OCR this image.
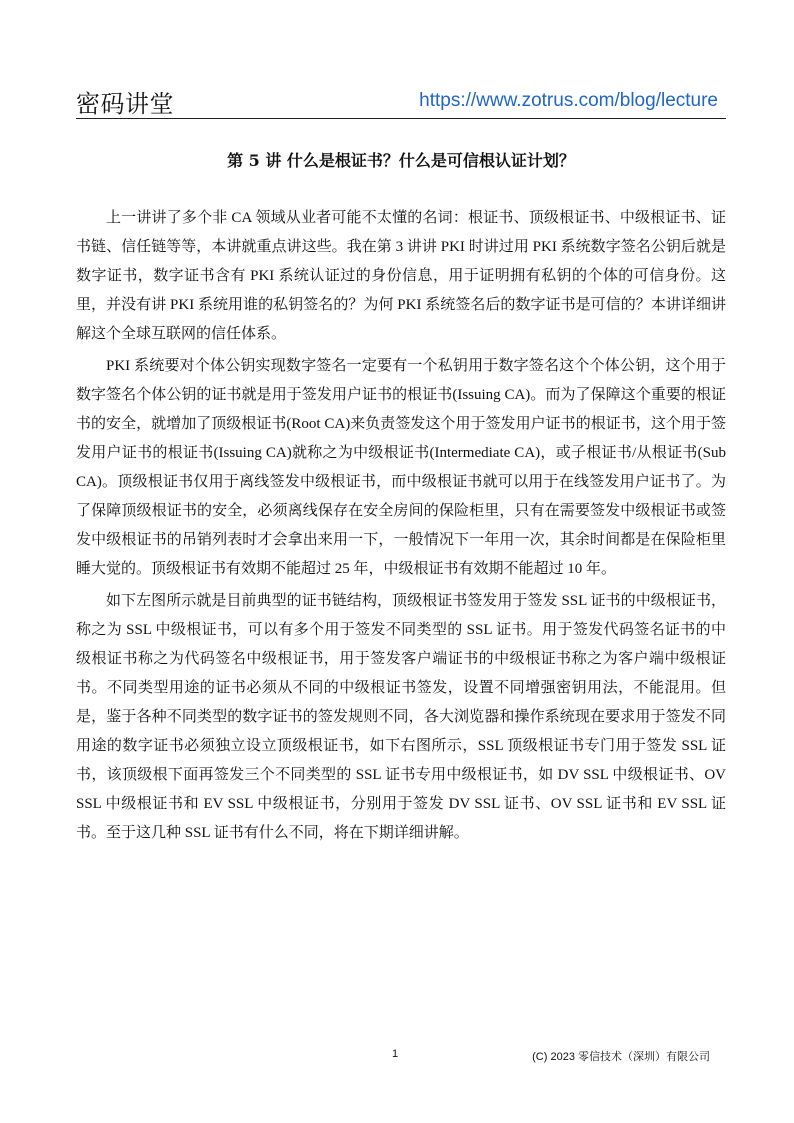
密码讲堂	https://www.zotrus.com/blog/lecture
第 5 讲 什么是根证书？什么是可信根认证计划？

上一讲讲了多个非 CA 领域从业者可能不太懂的名词：根证书、顶级根证书、中级根证书、证书链、信任链等等，本讲就重点讲这些。我在第 3 讲讲 PKI 时讲过用 PKI 系统数字签名公钥后就是数字证书，数字证书含有 PKI 系统认证过的身份信息，用于证明拥有私钥的个体的可信身份。这里，并没有讲 PKI 系统用谁的私钥签名的？为何 PKI 系统签名后的数字证书是可信的？本讲详细讲解这个全球互联网的信任体系。

PKI 系统要对个体公钥实现数字签名一定要有一个私钥用于数字签名这个个体公钥，这个用于数字签名个体公钥的证书就是用于签发用户证书的根证书(Issuing CA)。而为了保障这个重要的根证书的安全，就增加了顶级根证书(Root CA)来负责签发这个用于签发用户证书的根证书，这个用于签发用户证书的根证书(Issuing CA)就称之为中级根证书(Intermediate CA)，或子根证书/从根证书(Sub CA)。顶级根证书仅用于离线签发中级根证书，而中级根证书就可以用于在线签发用户证书了。为了保障顶级根证书的安全，必须离线保存在安全房间的保险柜里，只有在需要签发中级根证书或签发中级根证书的吊销列表时才会拿出来用一下，一般情况下一年用一次，其余时间都是在保险柜里睡大觉的。顶级根证书有效期不能超过 25 年，中级根证书有效期不能超过 10 年。

如下左图所示就是目前典型的证书链结构，顶级根证书签发用于签发 SSL 证书的中级根证书，称之为 SSL 中级根证书，可以有多个用于签发不同类型的 SSL 证书。用于签发代码签名证书的中级根证书称之为代码签名中级根证书，用于签发客户端证书的中级根证书称之为客户端中级根证书。不同类型用途的证书必须从不同的中级根证书签发，设置不同增强密钥用法，不能混用。但是，鉴于各种不同类型的数字证书的签发规则不同，各大浏览器和操作系统现在要求用于签发不同用途的数字证书必须独立设立顶级根证书，如下右图所示，SSL 顶级根证书专门用于签发 SSL 证书，该顶级根下面再签发三个不同类型的 SSL 证书专用中级根证书，如 DV SSL 中级根证书、OV SSL 中级根证书和 EV SSL 中级根证书，分别用于签发 DV SSL 证书、OV SSL 证书和 EV SSL 证书。至于这几种 SSL 证书有什么不同，将在下期详细讲解。

1	(C) 2023 零信技术（深圳）有限公司
